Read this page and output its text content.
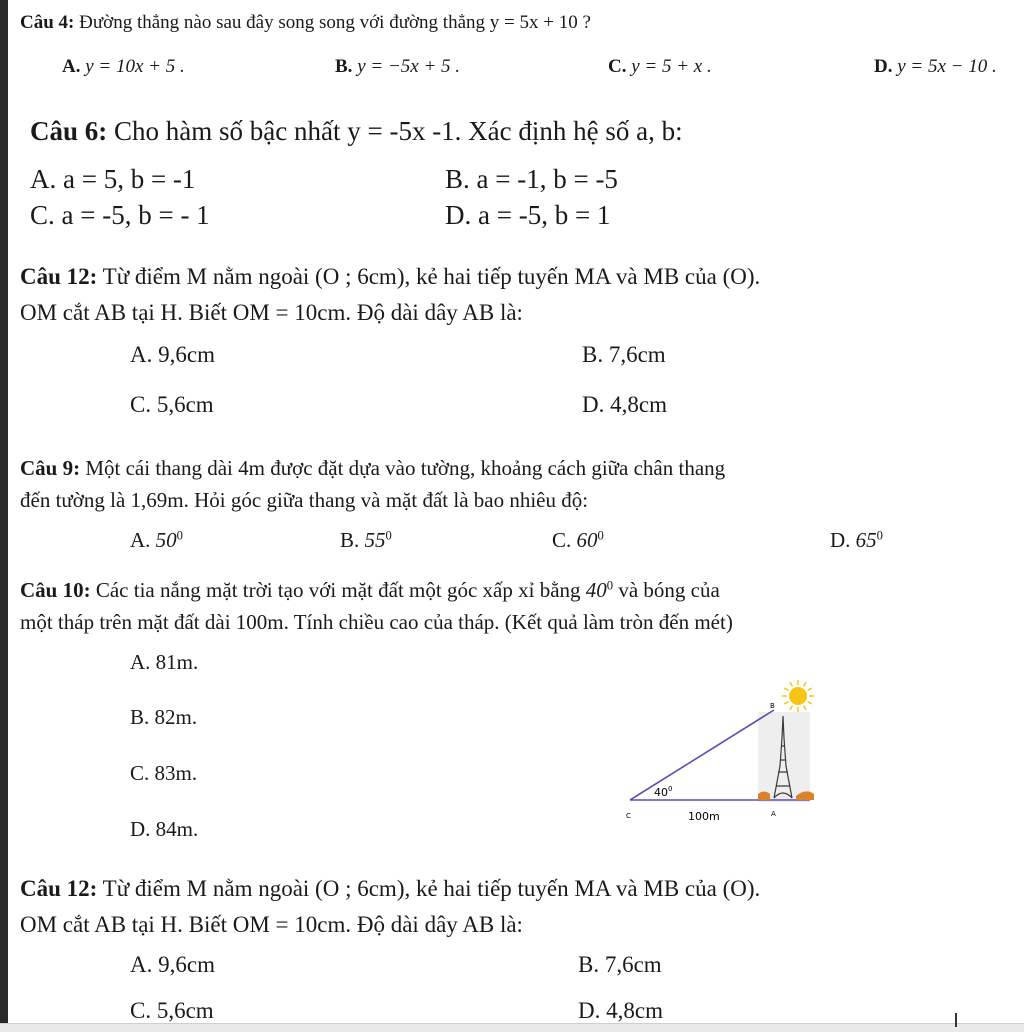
Câu 4: Đường thẳng nào sau đây song song với đường thẳng y = 5x + 10 ?
A. y = 10x + 5 .	B. y = −5x + 5 .	C. y = 5 + x .	D. y = 5x − 10 .
Câu 6: Cho hàm số bậc nhất y = -5x -1. Xác định hệ số a, b:
A. a = 5, b = -1	B. a = -1, b = -5
C. a = -5, b = - 1	D. a = -5, b = 1
Câu 12: Từ điểm M nằm ngoài (O ; 6cm), kẻ hai tiếp tuyến MA và MB của (O).
OM cắt AB tại H. Biết OM = 10cm. Độ dài dây AB là:
A. 9,6cm	B. 7,6cm
C. 5,6cm	D. 4,8cm
Câu 9: Một cái thang dài 4m được đặt dựa vào tường, khoảng cách giữa chân thang
đến tường là 1,69m. Hỏi góc giữa thang và mặt đất là bao nhiêu độ:
A. $50^0$	B. $55^0$	C. $60^0$	D. $65^0$
Câu 10: Các tia nắng mặt trời tạo với mặt đất một góc xấp xỉ bằng $40^0$ và bóng của
một tháp trên mặt đất dài 100m. Tính chiều cao của tháp. (Kết quả làm tròn đến mét)
A. 81m.
B. 82m.
C. 83m.
D. 84m.
$40^0$
100m
C	A
B
Câu 12: Từ điểm M nằm ngoài (O ; 6cm), kẻ hai tiếp tuyến MA và MB của (O).
OM cắt AB tại H. Biết OM = 10cm. Độ dài dây AB là:
A. 9,6cm	B. 7,6cm
C. 5,6cm	D. 4,8cm
